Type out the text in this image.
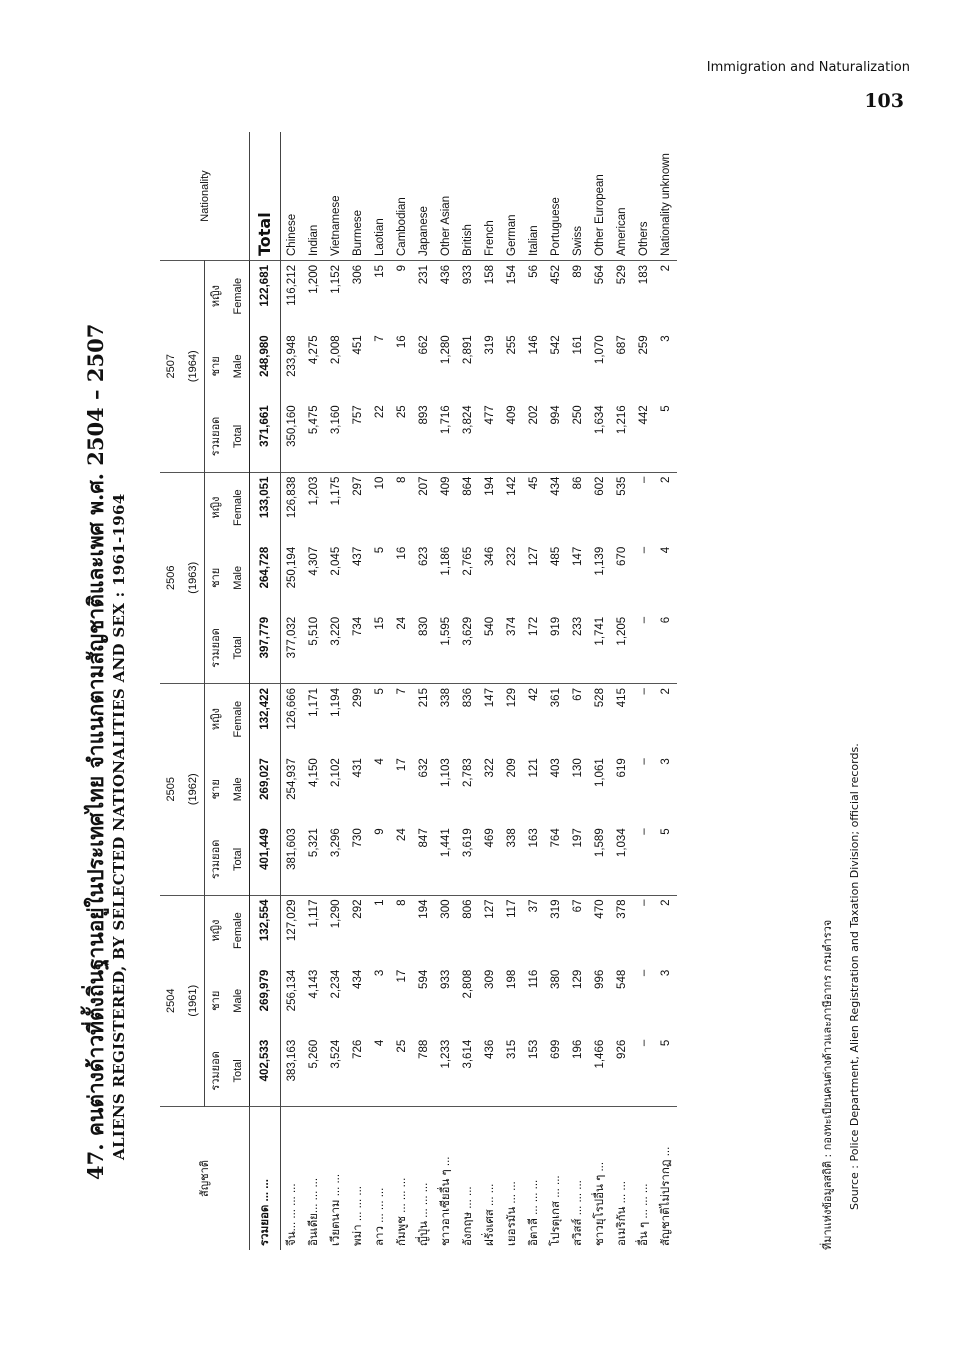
Immigration and Naturalization
103
47. คนต่างด้าวที่ตั้งถิ่นฐานอยู่ในประเทศไทย จำแนกตามสัญชาติและเพศ พ.ศ. 2504 – 2507 ALIENS REGISTERED, BY SELECTED NATIONALITIES AND SEX : 1961-1964
สัญชาติ	2504 (1961)			2505 (1962)			2506 (1963)			2507 (1964)			Nationality

	รวมยอด Total	ชาย Male	หญิง Female	รวมยอด Total	ชาย Male	หญิง Female	รวมยอด Total	ชาย Male	หญิง Female	รวมยอด Total	ชาย Male	หญิง Female	

รวมยอด ... ...	402,533	269,979	132,554	401,449	269,027	132,422	397,779	264,728	133,051	371,661	248,980	122,681	Total
จีน... ... ... ...	383,163	256,134	127,029	381,603	254,937	126,666	377,032	250,194	126,838	350,160	233,948	116,212	Chinese
อินเดีย... ... ...	5,260	4,143	1,117	5,321	4,150	1,171	5,510	4,307	1,203	5,475	4,275	1,200	Indian
เวียตนาม ... ...	3,524	2,234	1,290	3,296	2,102	1,194	3,220	2,045	1,175	3,160	2,008	1,152	Vietnamese
พม่า ... ... ...	726	434	292	730	431	299	734	437	297	757	451	306	Burmese
ลาว ... ... ...	4	3	1	9	4	5	15	5	10	22	7	15	Laotian
กัมพูช ... ... ...	25	17	8	24	17	7	24	16	8	25	16	9	Cambodian
ญี่ปุ่น ... ... ...	788	594	194	847	632	215	830	623	207	893	662	231	Japanese
ชาวอาเซียอื่น ๆ ...	1,233	933	300	1,441	1,103	338	1,595	1,186	409	1,716	1,280	436	Other Asian
อังกฤษ ... ...	3,614	2,808	806	3,619	2,783	836	3,629	2,765	864	3,824	2,891	933	British
ฝรั่งเศส ... ...	436	309	127	469	322	147	540	346	194	477	319	158	French
เยอรมัน ... ...	315	198	117	338	209	129	374	232	142	409	255	154	German
อิตาลี ... ... ...	153	116	37	163	121	42	172	127	45	202	146	56	Italian
โปรตุเกส ... ...	699	380	319	764	403	361	919	485	434	994	542	452	Portuguese
สวิสส์ ... ... ...	196	129	67	197	130	67	233	147	86	250	161	89	Swiss
ชาวยุโรปอื่น ๆ ...	1,466	996	470	1,589	1,061	528	1,741	1,139	602	1,634	1,070	564	Other European
อเมริกัน ... ...	926	548	378	1,034	619	415	1,205	670	535	1,216	687	529	American
อื่น ๆ ... ... ...	–	–	–	–	–	–	–	–	–	442	259	183	Others
สัญชาติไม่ปรากฏ ...	5	3	2	5	3	2	6	4	2	5	3	2	Nationality unknown
ที่มาแห่งข้อมูลสถิติ : กองทะเบียนคนต่างด้าวและภาษีอากร กรมตำรวจ Source : Police Department, Alien Registration and Taxation Division; official records.
